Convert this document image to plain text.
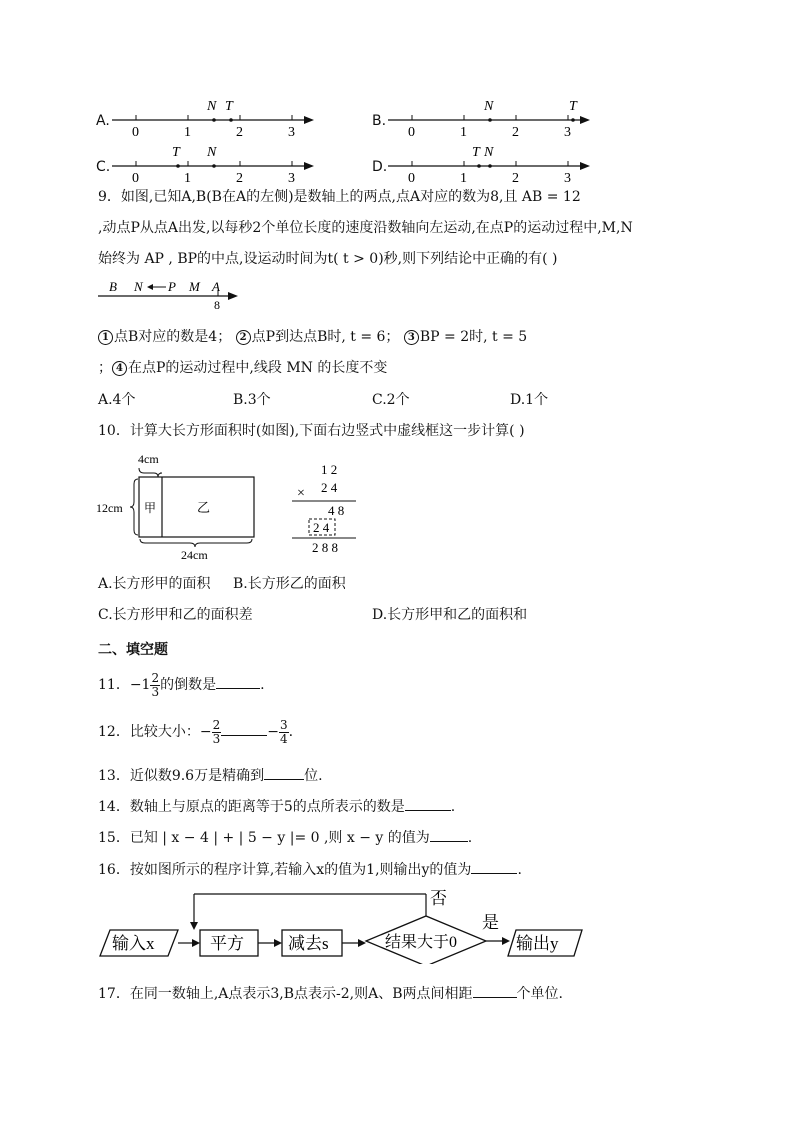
A.
0	1	2	3
N T
B.
0	1	2	3
N	T
C.
0	1	2	3
T N
D.
0	1	2	3
T N
9．如图,已知A,B(B在A的左侧)是数轴上的两点,点A对应的数为8,且 AB = 12
,动点P从点A出发,以每秒2个单位长度的速度沿数轴向左运动,在点P的运动过程中,M,N
始终为 AP , BP的中点,设运动时间为t( t > 0)秒,则下列结论中正确的有( )
B N P M A
8
1 点B对应的数是4； 2 点P到达点B时, t = 6； 3 BP = 2时, t = 5
； 4 在点P的运动过程中,线段 MN 的长度不变
A.4个	B.3个	C.2个	D.1个
10．计算大长方形面积时(如图),下面右边竖式中虚线框这一步计算( )
4cm
甲	乙
12cm
24cm
1 2
× 2 4
4 8
2 4
2 8 8
A.长方形甲的面积 B.长方形乙的面积
C.长方形甲和乙的面积差	D.长方形甲和乙的面积和
二、填空题
11．$-1 \frac{2}{3}$ 的倒数是	.
12．比较大小：− $\frac{2}{3}$	− $\frac{3}{4}$ .
13．近似数9.6万是精确到	位.
14．数轴上与原点的距离等于5的点所表示的数是	.
15．已知 | x − 4 | + | 5 − y |= 0 ,则 x − y 的值为	.
16．按如图所示的程序计算,若输入x的值为1,则输出y的值为	.
输入x	平方	减去s	结果大于0
否
是
输出y
17．在同一数轴上,A点表示3,B点表示-2,则A、B两点间相距	个单位.
